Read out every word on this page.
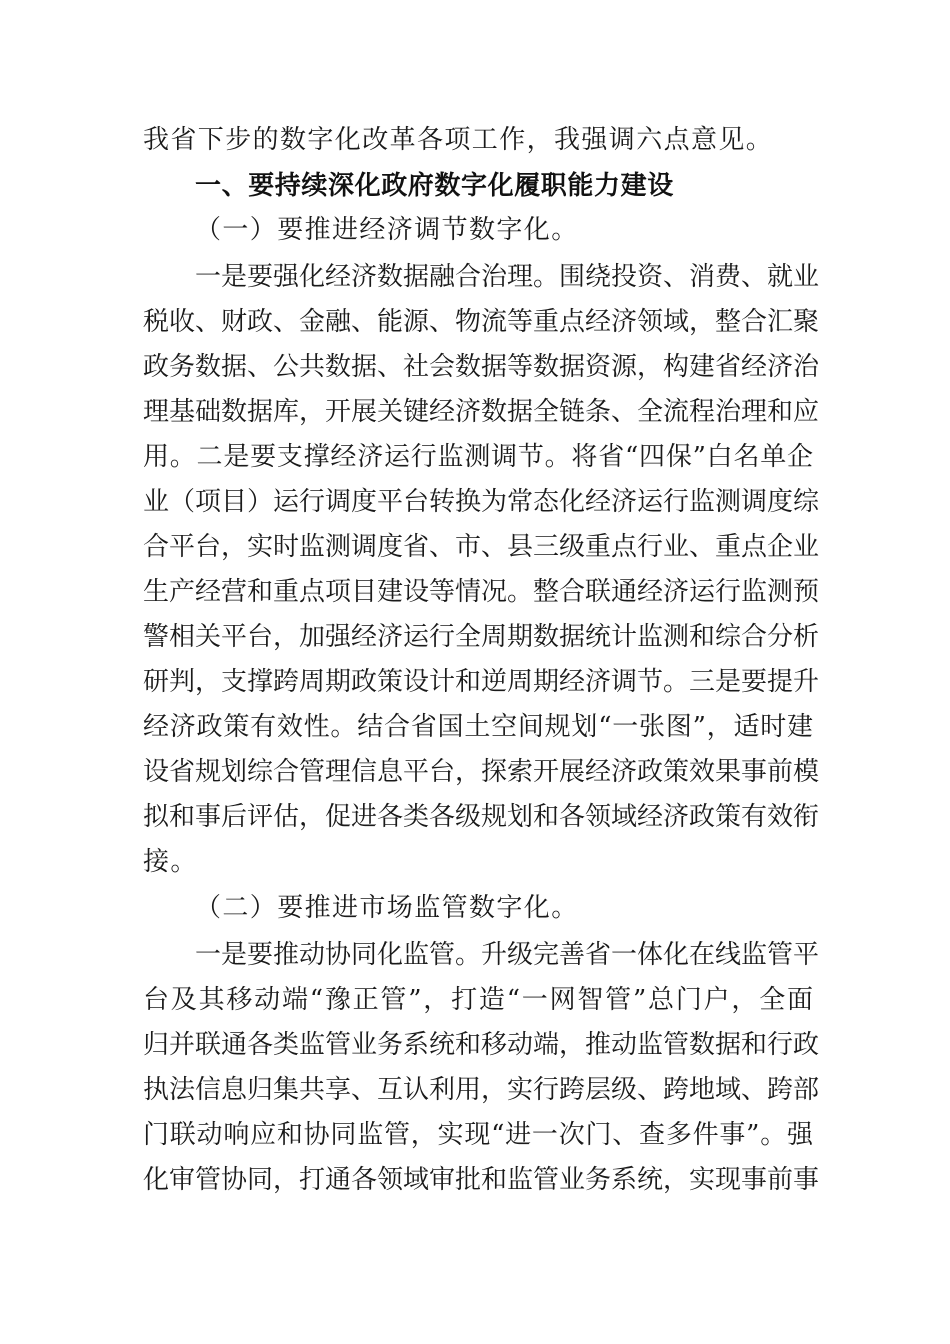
我省下步的数字化改革各项工作，我强调六点意见。
一、要持续深化政府数字化履职能力建设
（一）要推进经济调节数字化。
一是要强化经济数据融合治理。围绕投资、消费、就业
税收、财政、金融、能源、物流等重点经济领域，整合汇聚
政务数据、公共数据、社会数据等数据资源，构建省经济治
理基础数据库，开展关键经济数据全链条、全流程治理和应
用。二是要支撑经济运行监测调节。将省“四保”白名单企
业（项目）运行调度平台转换为常态化经济运行监测调度综
合平台，实时监测调度省、市、县三级重点行业、重点企业
生产经营和重点项目建设等情况。整合联通经济运行监测预
警相关平台，加强经济运行全周期数据统计监测和综合分析
研判，支撑跨周期政策设计和逆周期经济调节。三是要提升
经济政策有效性。结合省国土空间规划“一张图”，适时建
设省规划综合管理信息平台，探索开展经济政策效果事前模
拟和事后评估，促进各类各级规划和各领域经济政策有效衔
接。
（二）要推进市场监管数字化。
一是要推动协同化监管。升级完善省一体化在线监管平
台及其移动端“豫正管”，打造“一网智管”总门户，全面
归并联通各类监管业务系统和移动端，推动监管数据和行政
执法信息归集共享、互认利用，实行跨层级、跨地域、跨部
门联动响应和协同监管，实现“进一次门、查多件事”。强
化审管协同，打通各领域审批和监管业务系统，实现事前事
